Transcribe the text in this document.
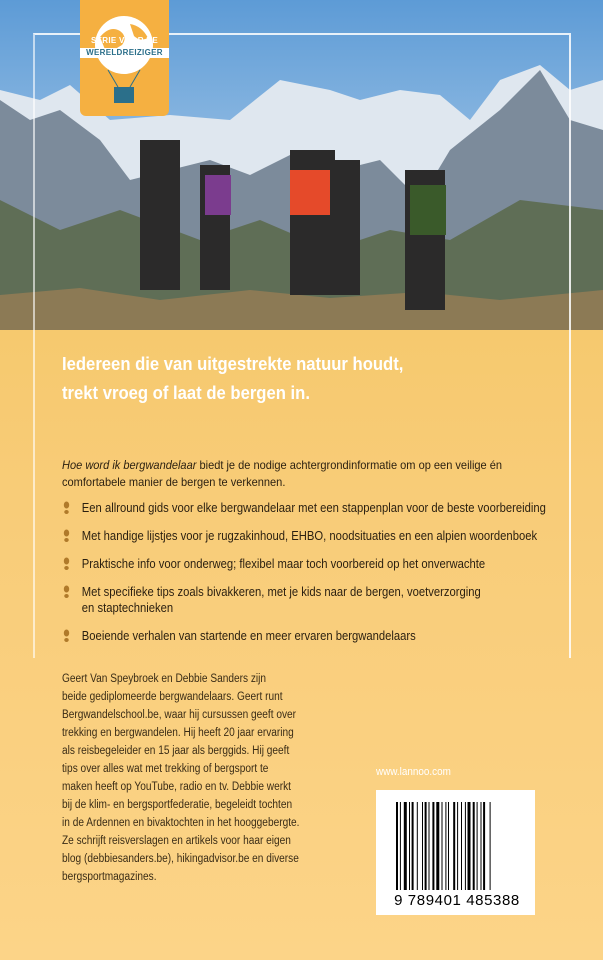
SERIE VOOR DE
WERELDREIZIGER
Iedereen die van uitgestrekte natuur houdt,
trekt vroeg of laat de bergen in.

Hoe word ik bergwandelaar biedt je de nodige achtergrondinformatie om op een veilige én comfortabele manier de bergen te verkennen.

Een allround gids voor elke bergwandelaar met een stappenplan voor de beste voorbereiding
Met handige lijstjes voor je rugzakinhoud, EHBO, noodsituaties en een alpien woordenboek
Praktische info voor onderweg; flexibel maar toch voorbereid op het onverwachte
Met specifieke tips zoals bivakkeren, met je kids naar de bergen, voetverzorging en staptechnieken
Boeiende verhalen van startende en meer ervaren bergwandelaars

Geert Van Speybroek en Debbie Sanders zijn
beide gediplomeerde bergwandelaars. Geert runt
Bergwandelschool.be, waar hij cursussen geeft over
trekking en bergwandelen. Hij heeft 20 jaar ervaring
als reisbegeleider en 15 jaar als berggids. Hij geeft
tips over alles wat met trekking of bergsport te
maken heeft op YouTube, radio en tv. Debbie werkt
bij de klim- en bergsportfederatie, begeleidt tochten
in de Ardennen en bivaktochten in het hooggebergte.
Ze schrijft reisverslagen en artikels voor haar eigen
blog (debbiesanders.be), hikingadvisor.be en diverse
bergsportmagazines.

www.lannoo.com
9 789401 485388
